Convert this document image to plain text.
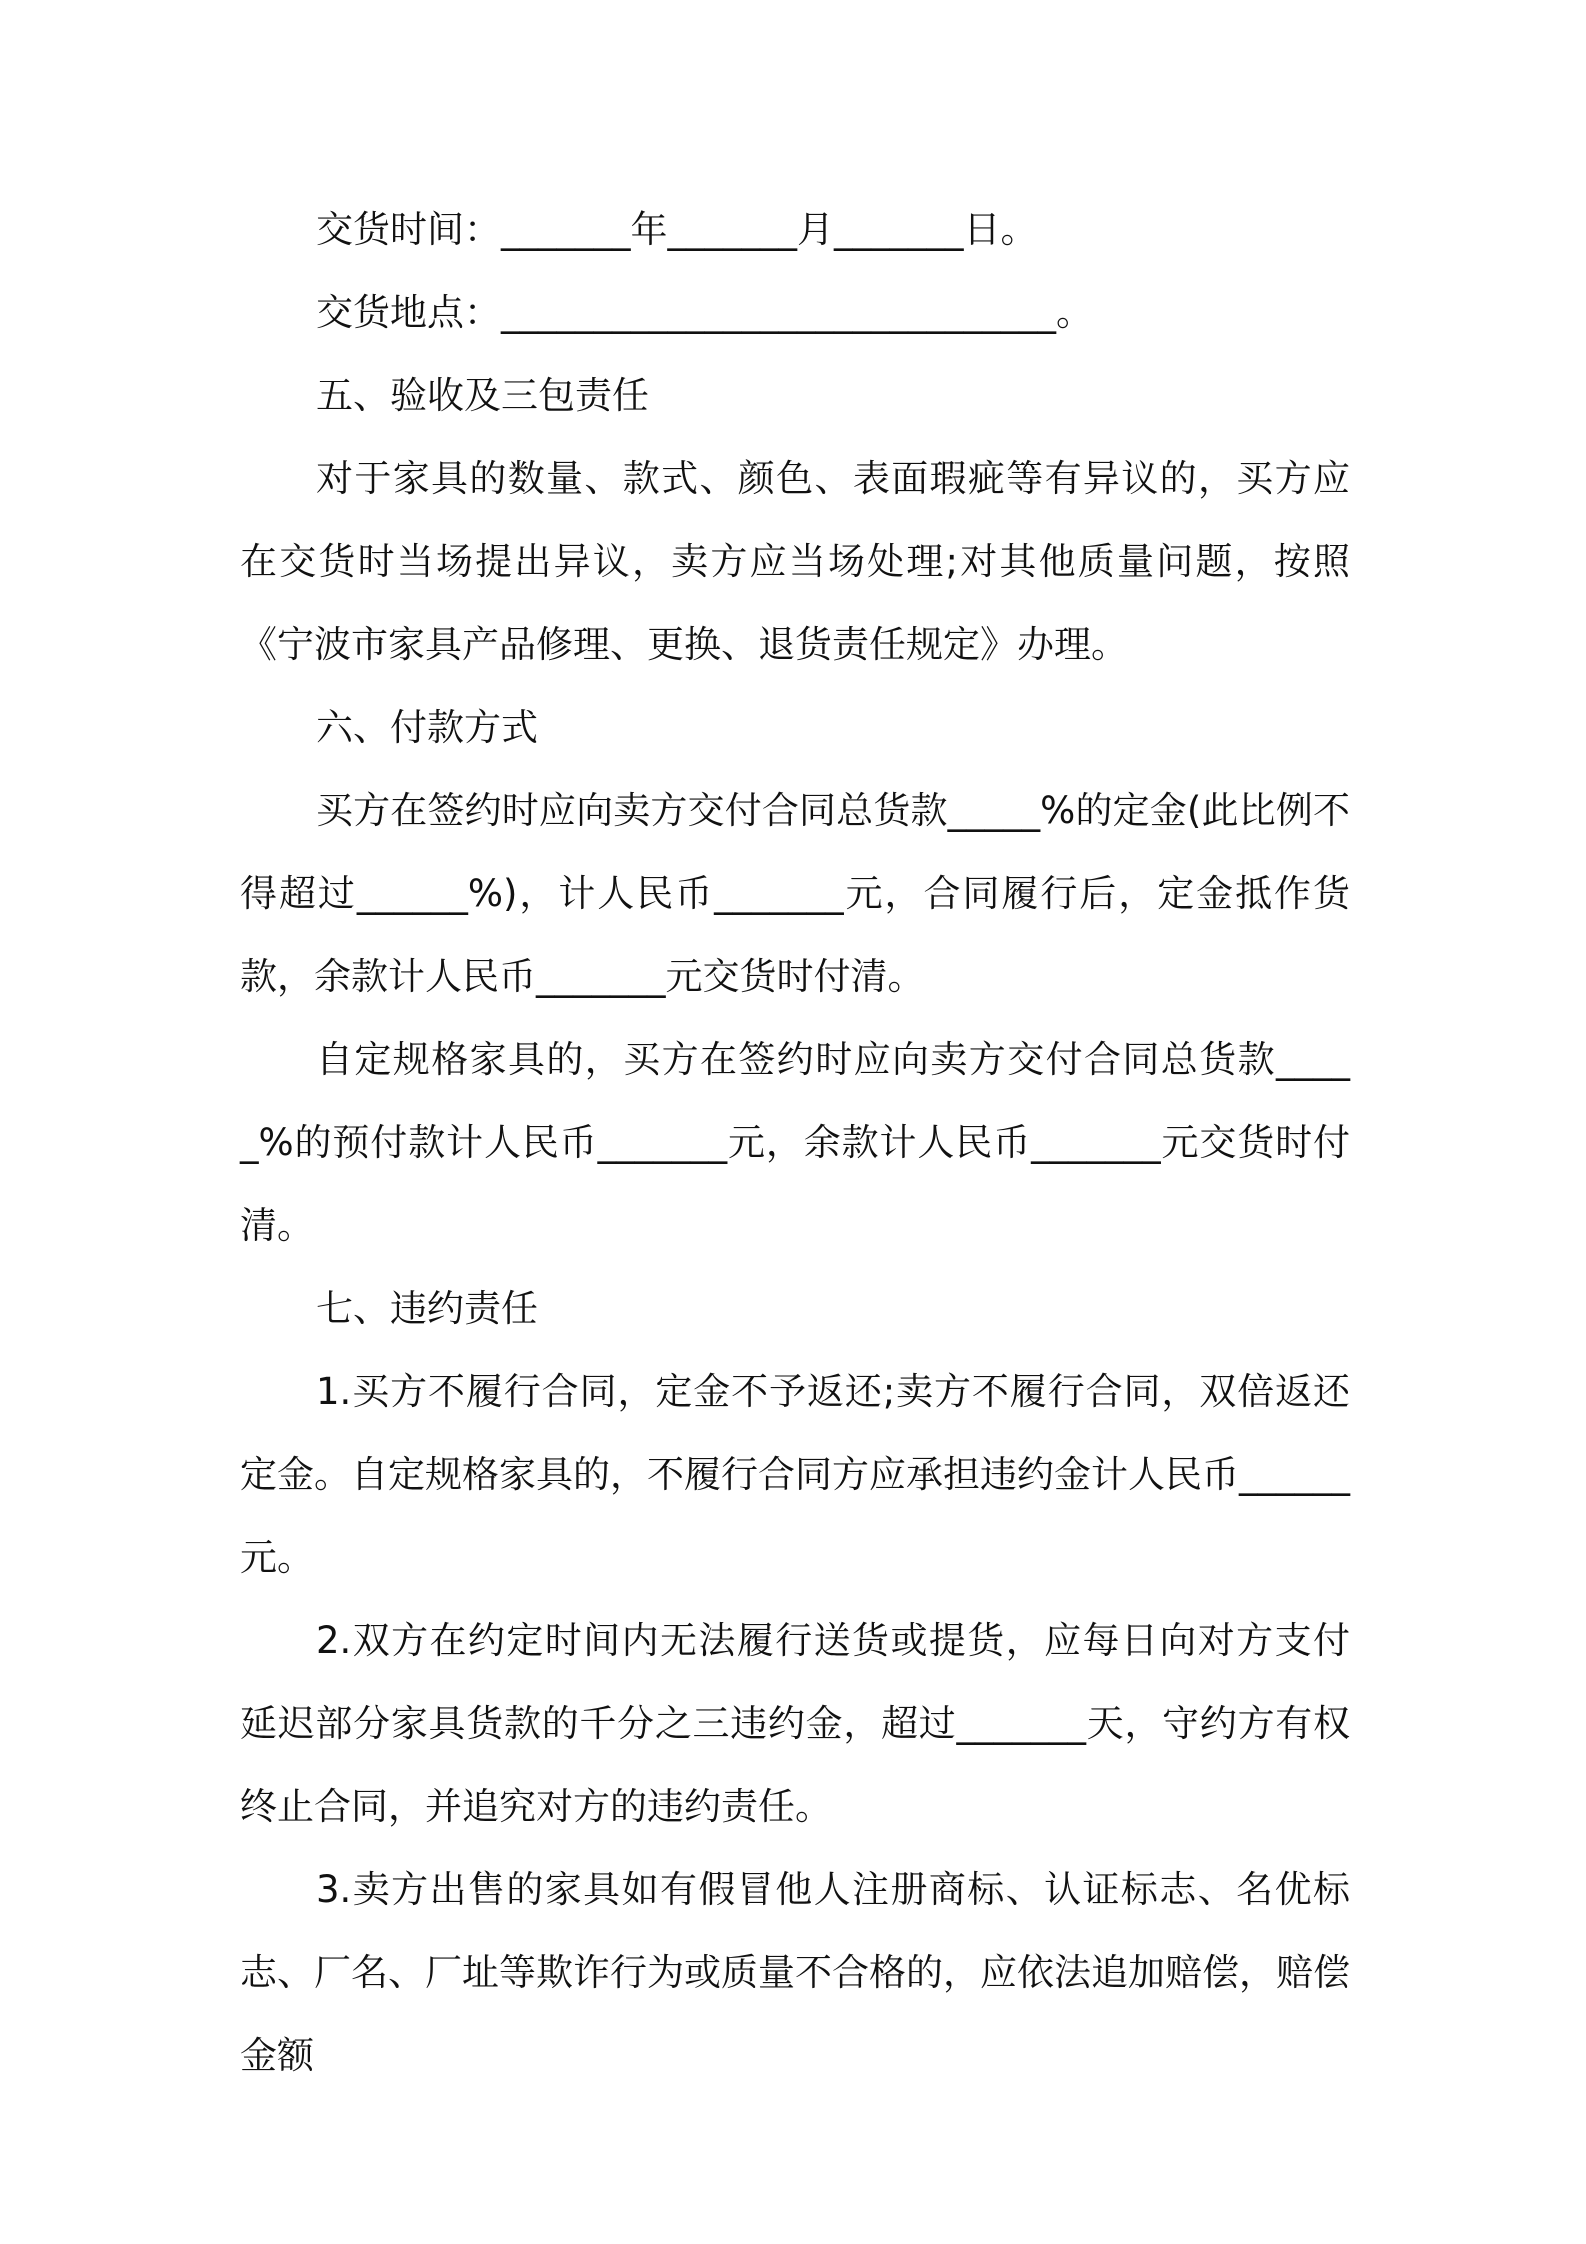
交货时间：_______年_______月_______日。

交货地点：______________________________。

五、验收及三包责任

对于家具的数量、款式、颜色、表面瑕疵等有异议的，买方应在交货时当场提出异议，卖方应当场处理;对其他质量问题，按照《宁波市家具产品修理、更换、退货责任规定》办理。

六、付款方式

买方在签约时应向卖方交付合同总货款_____%的定金(此比例不得超过______%)，计人民币_______元，合同履行后，定金抵作货款，余款计人民币_______元交货时付清。

自定规格家具的，买方在签约时应向卖方交付合同总货款_____%的预付款计人民币_______元，余款计人民币_______元交货时付清。

七、违约责任

1.买方不履行合同，定金不予返还;卖方不履行合同，双倍返还定金。自定规格家具的，不履行合同方应承担违约金计人民币______元。

2.双方在约定时间内无法履行送货或提货，应每日向对方支付延迟部分家具货款的千分之三违约金，超过_______天，守约方有权终止合同，并追究对方的违约责任。

3.卖方出售的家具如有假冒他人注册商标、认证标志、名优标志、厂名、厂址等欺诈行为或质量不合格的，应依法追加赔偿，赔偿金额
